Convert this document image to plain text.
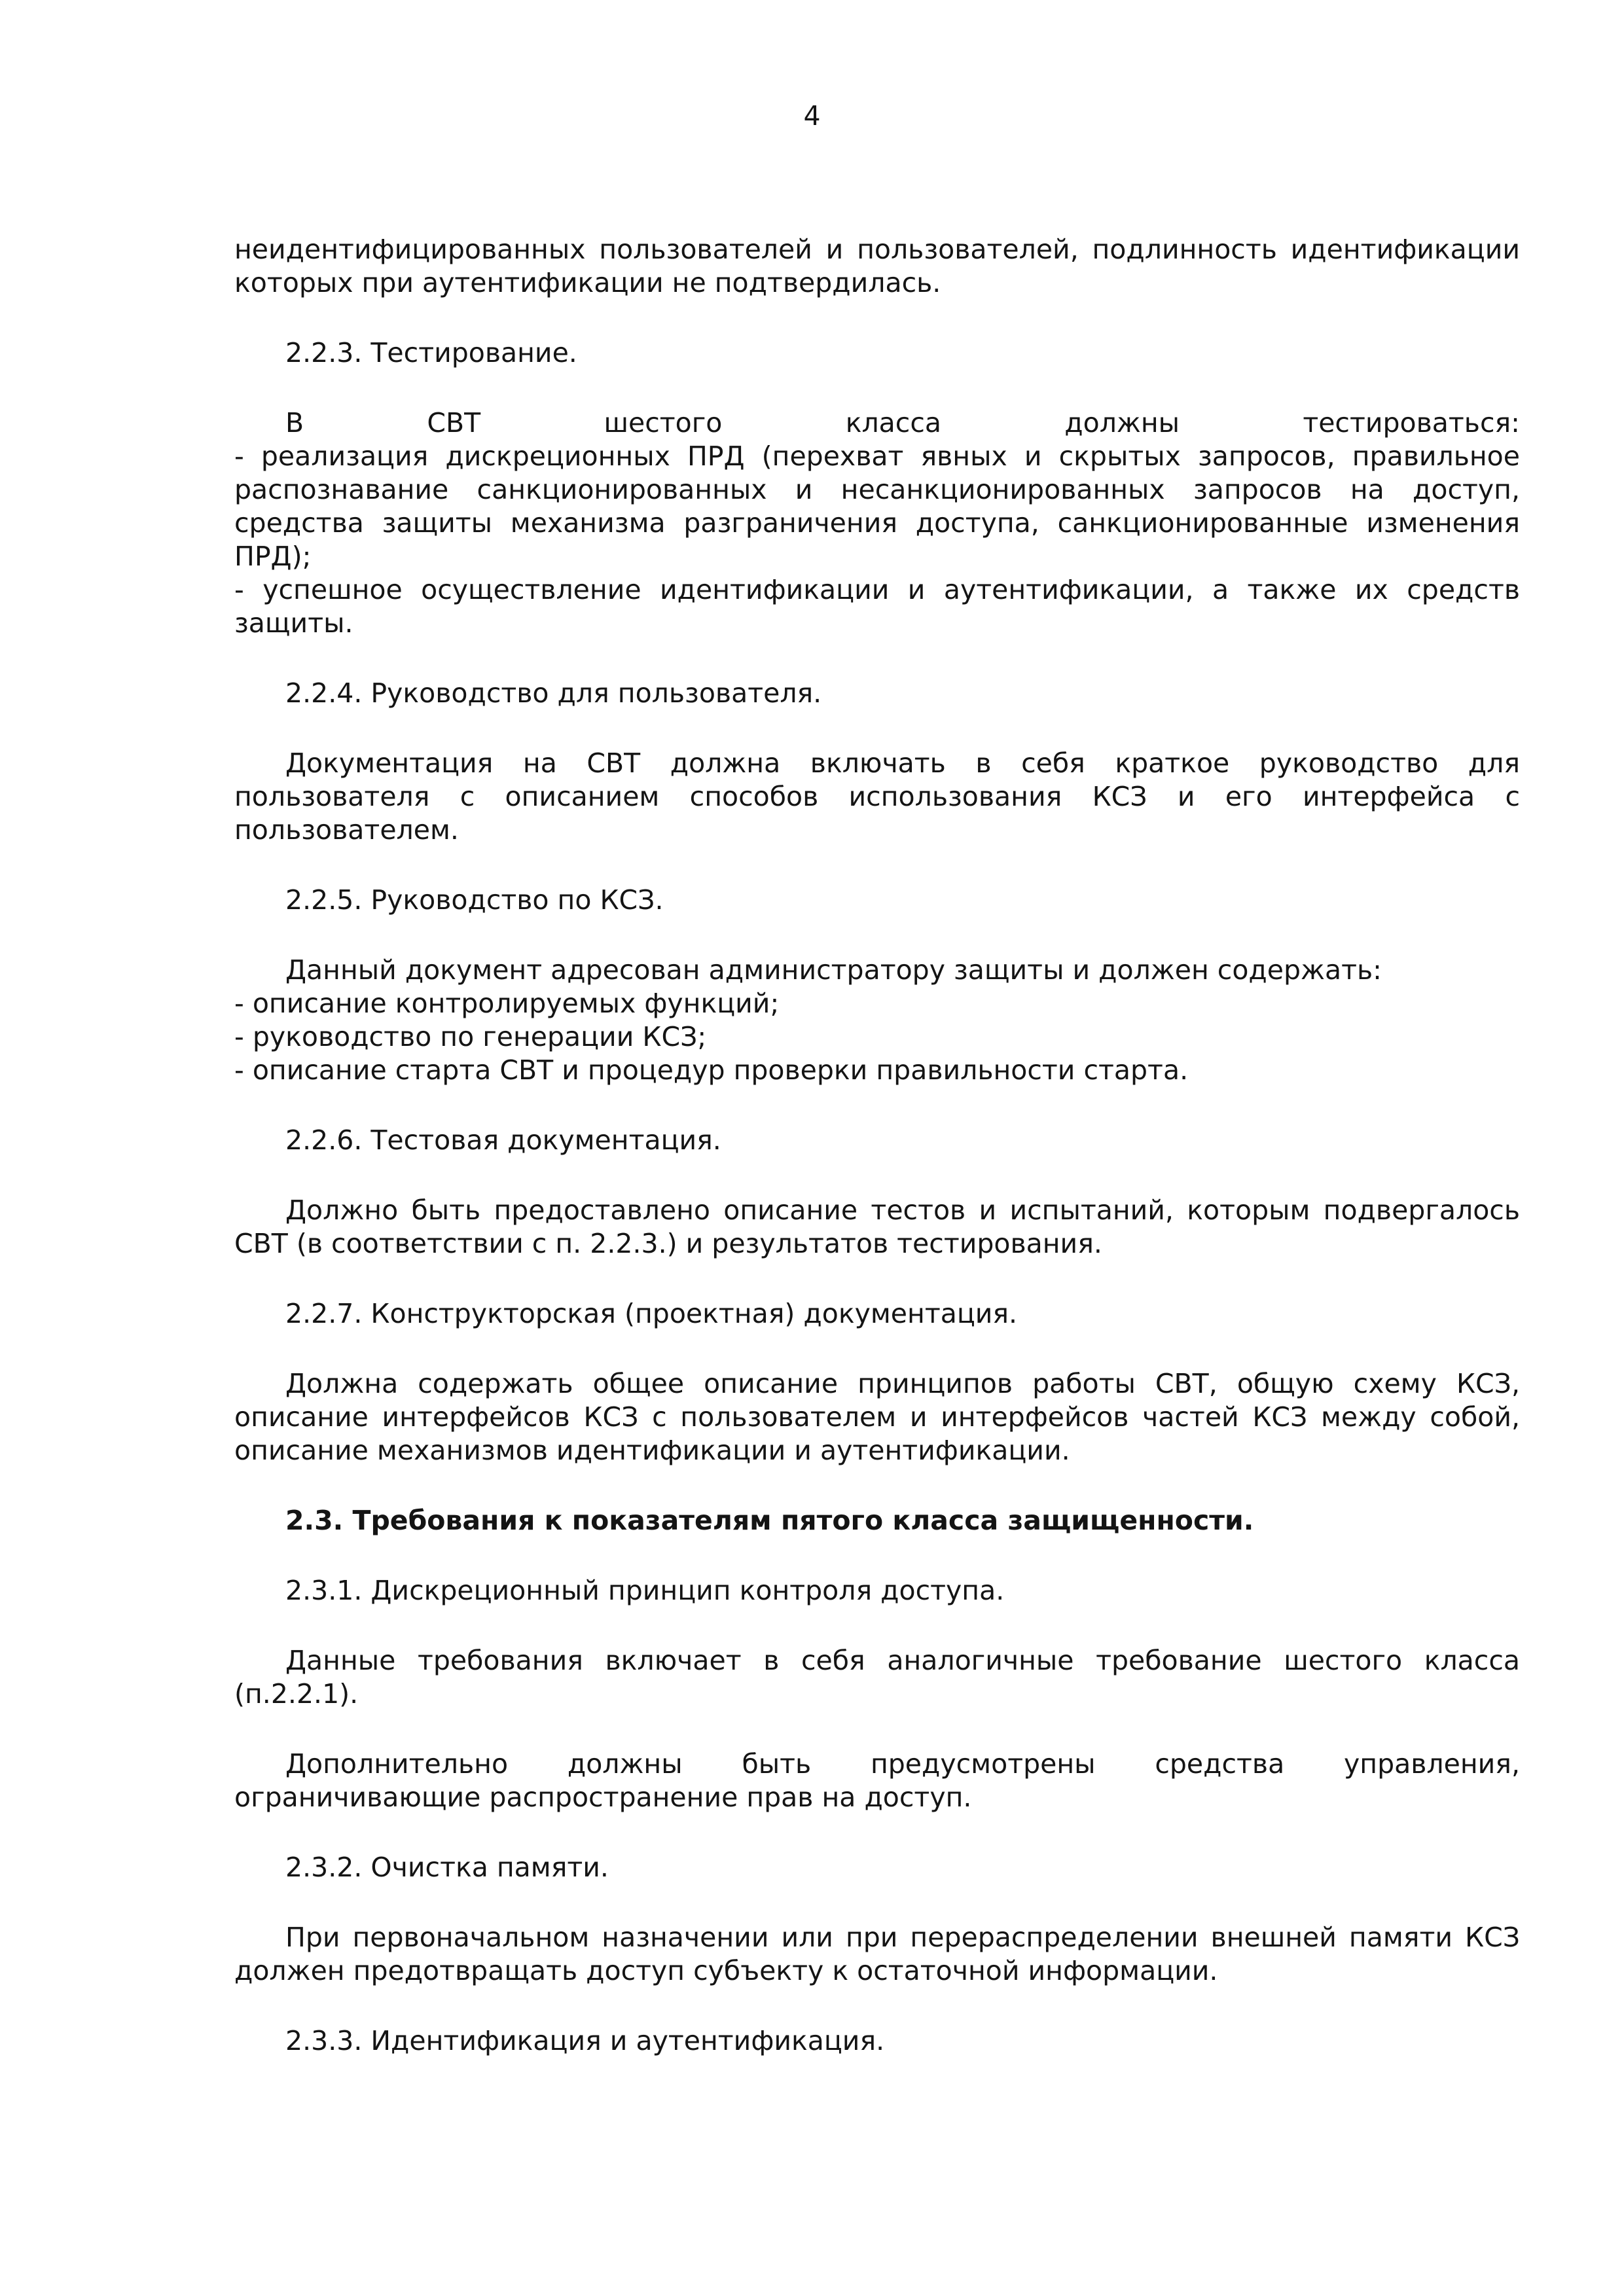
4

неидентифицированных пользователей и пользователей, подлинность идентификации которых при аутентификации не подтвердилась.

2.2.3. Тестирование.

В	СВТ	шестого	класса	должны	тестироваться:

- реализация дискреционных ПРД (перехват явных и скрытых запросов, правильное распознавание санкционированных и несанкционированных запросов на доступ, средства защиты механизма разграничения доступа, санкционированные изменения ПРД);

- успешное осуществление идентификации и аутентификации, а также их средств защиты.

2.2.4. Руководство для пользователя.

Документация на СВТ должна включать в себя краткое руководство для пользователя с описанием способов использования КСЗ и его интерфейса с пользователем.

2.2.5. Руководство по КСЗ.

Данный документ адресован администратору защиты и должен содержать:

- описание контролируемых функций;

- руководство по генерации КСЗ;

- описание старта СВТ и процедур проверки правильности старта.

2.2.6. Тестовая документация.

Должно быть предоставлено описание тестов и испытаний, которым подвергалось СВТ (в соответствии с п. 2.2.3.) и результатов тестирования.

2.2.7. Конструкторская (проектная) документация.

Должна содержать общее описание принципов работы СВТ, общую схему КСЗ, описание интерфейсов КСЗ с пользователем и интерфейсов частей КСЗ между собой, описание механизмов идентификации и аутентификации.

2.3. Требования к показателям пятого класса защищенности.

2.3.1. Дискреционный принцип контроля доступа.

Данные требования включает в себя аналогичные требование шестого класса (п.2.2.1).

Дополнительно должны быть предусмотрены средства управления, ограничивающие распространение прав на доступ.

2.3.2. Очистка памяти.

При первоначальном назначении или при перераспределении внешней памяти КСЗ должен предотвращать доступ субъекту к остаточной информации.

2.3.3. Идентификация и аутентификация.
